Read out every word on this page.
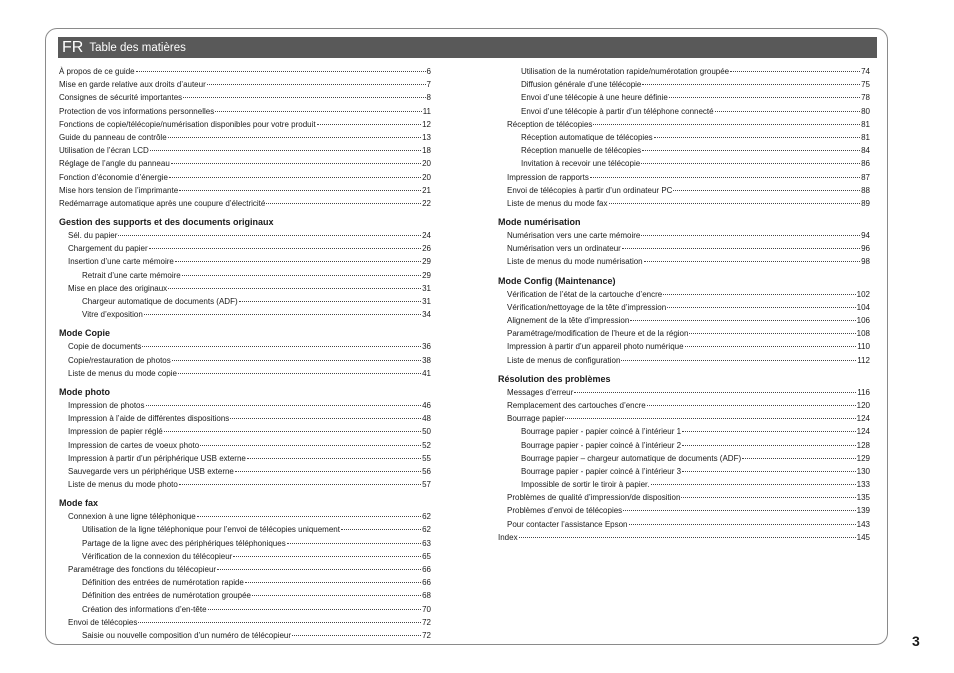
FR Table des matières
À propos de ce guide	6
Mise en garde relative aux droits d’auteur	7
Consignes de sécurité importantes	8
Protection de vos informations personnelles	11
Fonctions de copie/télécopie/numérisation disponibles pour votre produit	12
Guide du panneau de contrôle	13
Utilisation de l’écran LCD	18
Réglage de l’angle du panneau	20
Fonction d’économie d’énergie	20
Mise hors tension de l’imprimante	21
Redémarrage automatique après une coupure d’électricité	22
Gestion des supports et des documents originaux
Sél. du papier	24
Chargement du papier	26
Insertion d’une carte mémoire	29
Retrait d’une carte mémoire	29
Mise en place des originaux	31
Chargeur automatique de documents (ADF)	31
Vitre d’exposition	34
Mode Copie
Copie de documents	36
Copie/restauration de photos	38
Liste de menus du mode copie	41
Mode photo
Impression de photos	46
Impression à l’aide de différentes dispositions	48
Impression de papier réglé	50
Impression de cartes de voeux photo	52
Impression à partir d’un périphérique USB externe	55
Sauvegarde vers un périphérique USB externe	56
Liste de menus du mode photo	57
Mode fax
Connexion à une ligne téléphonique	62
Utilisation de la ligne téléphonique pour l’envoi de télécopies uniquement	62
Partage de la ligne avec des périphériques téléphoniques	63
Vérification de la connexion du télécopieur	65
Paramétrage des fonctions du télécopieur	66
Définition des entrées de numérotation rapide	66
Définition des entrées de numérotation groupée	68
Création des informations d’en-tête	70
Envoi de télécopies	72
Saisie ou nouvelle composition d’un numéro de télécopieur	72
Utilisation de la numérotation rapide/numérotation groupée	74
Diffusion générale d’une télécopie	75
Envoi d’une télécopie à une heure définie	78
Envoi d’une télécopie à partir d’un téléphone connecté	80
Réception de télécopies	81
Réception automatique de télécopies	81
Réception manuelle de télécopies	84
Invitation à recevoir une télécopie	86
Impression de rapports	87
Envoi de télécopies à partir d’un ordinateur PC	88
Liste de menus du mode fax	89
Mode numérisation
Numérisation vers une carte mémoire	94
Numérisation vers un ordinateur	96
Liste de menus du mode numérisation	98
Mode Config (Maintenance)
Vérification de l’état de la cartouche d’encre	102
Vérification/nettoyage de la tête d’impression	104
Alignement de la tête d’impression	106
Paramétrage/modification de l’heure et de la région	108
Impression à partir d’un appareil photo numérique	110
Liste de menus de configuration	112
Résolution des problèmes
Messages d’erreur	116
Remplacement des cartouches d’encre	120
Bourrage papier	124
Bourrage papier - papier coincé à l’intérieur 1	124
Bourrage papier - papier coincé à l’intérieur 2	128
Bourrage papier – chargeur automatique de documents (ADF)	129
Bourrage papier - papier coincé à l’intérieur 3	130
Impossible de sortir le tiroir à papier.	133
Problèmes de qualité d’impression/de disposition	135
Problèmes d’envoi de télécopies	139
Pour contacter l’assistance Epson	143
Index	145
3
